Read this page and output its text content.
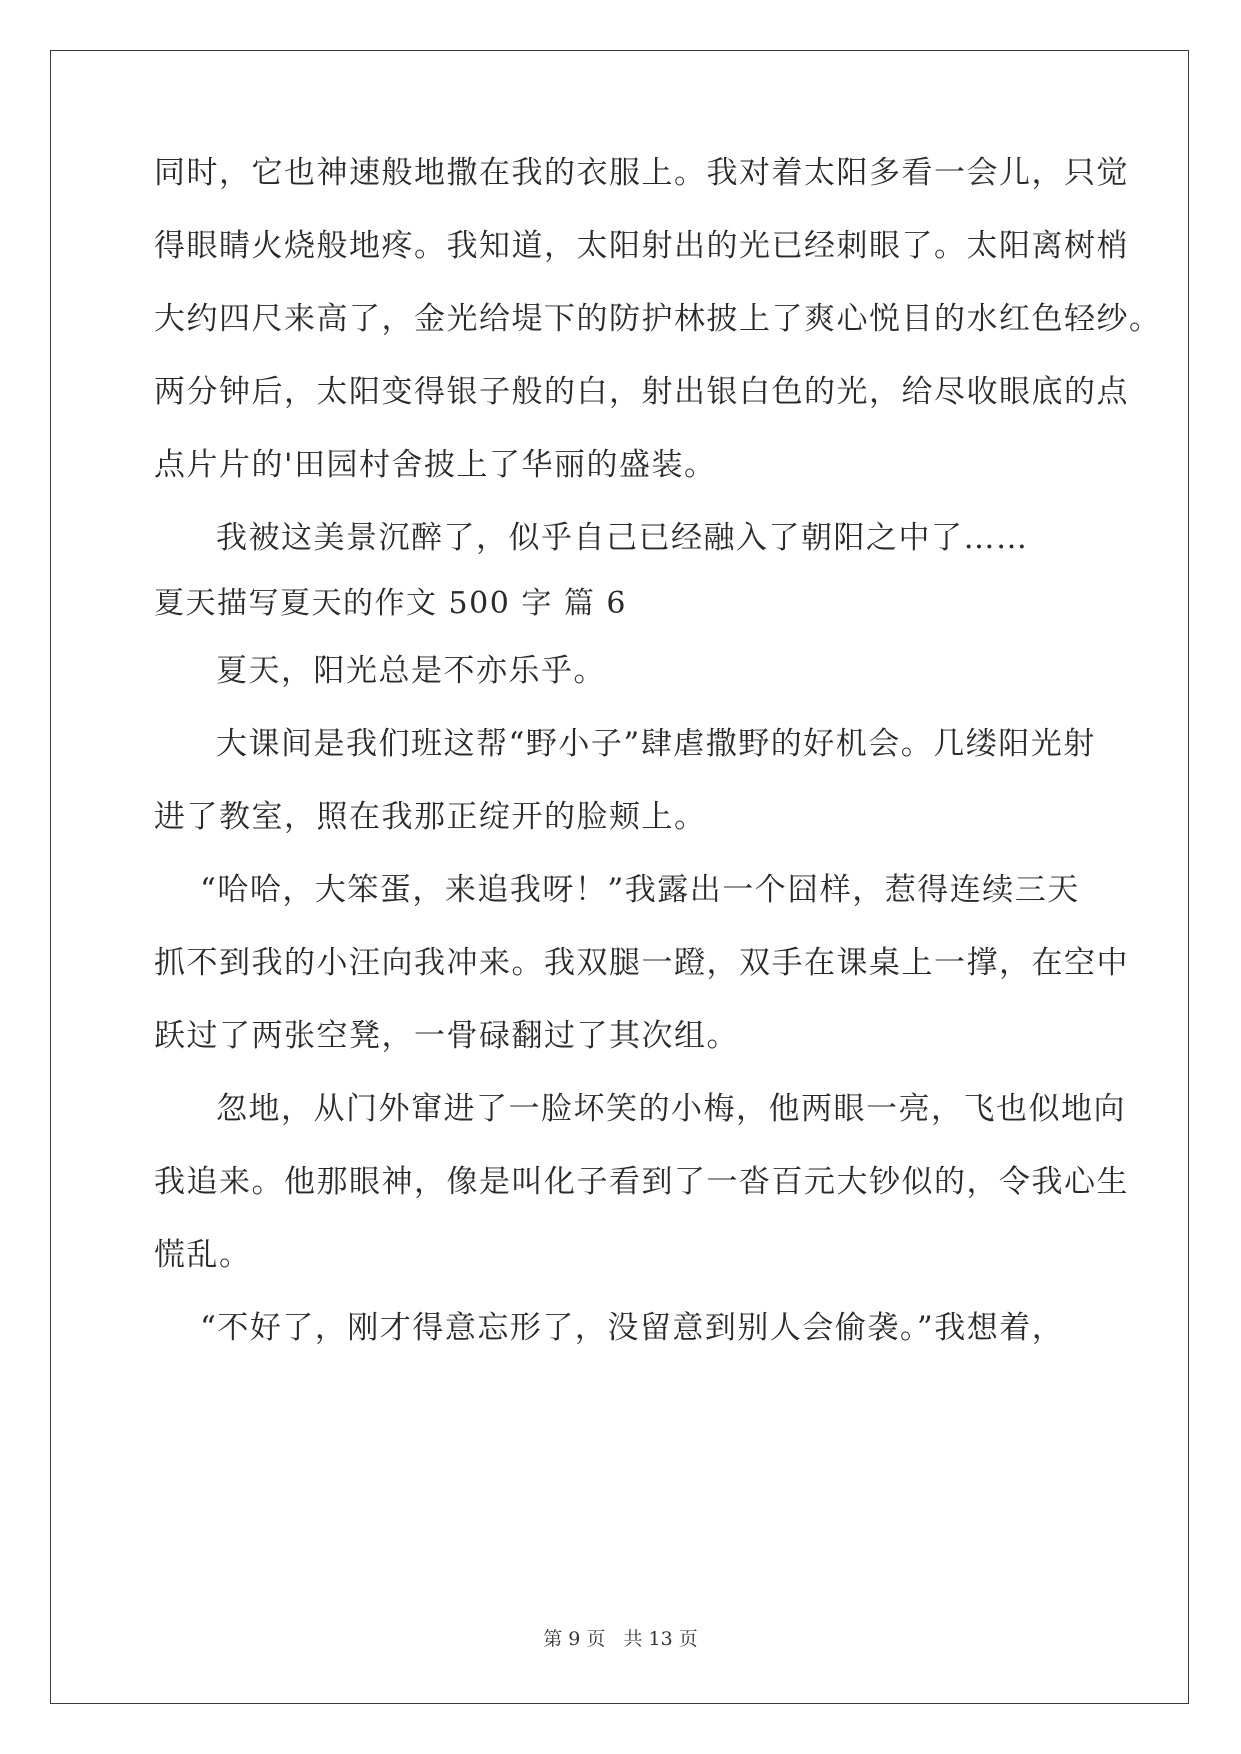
同时，它也神速般地撒在我的衣服上。我对着太阳多看一会儿，只觉
得眼睛火烧般地疼。我知道，太阳射出的光已经刺眼了。太阳离树梢
大约四尺来高了，金光给堤下的防护林披上了爽心悦目的水红色轻纱。
两分钟后，太阳变得银子般的白，射出银白色的光，给尽收眼底的点
点片片的'田园村舍披上了华丽的盛装。
我被这美景沉醉了，似乎自己已经融入了朝阳之中了……
夏天描写夏天的作文 500 字 篇 6
夏天，阳光总是不亦乐乎。
大课间是我们班这帮“野小子”肆虐撒野的好机会。几缕阳光射
进了教室，照在我那正绽开的脸颊上。
“哈哈，大笨蛋，来追我呀！”我露出一个囧样，惹得连续三天
抓不到我的小汪向我冲来。我双腿一蹬，双手在课桌上一撑，在空中
跃过了两张空凳，一骨碌翻过了其次组。
忽地，从门外窜进了一脸坏笑的小梅，他两眼一亮，飞也似地向
我追来。他那眼神，像是叫化子看到了一沓百元大钞似的，令我心生
慌乱。
“不好了，刚才得意忘形了，没留意到别人会偷袭。”我想着，
第 9 页 共 13 页
